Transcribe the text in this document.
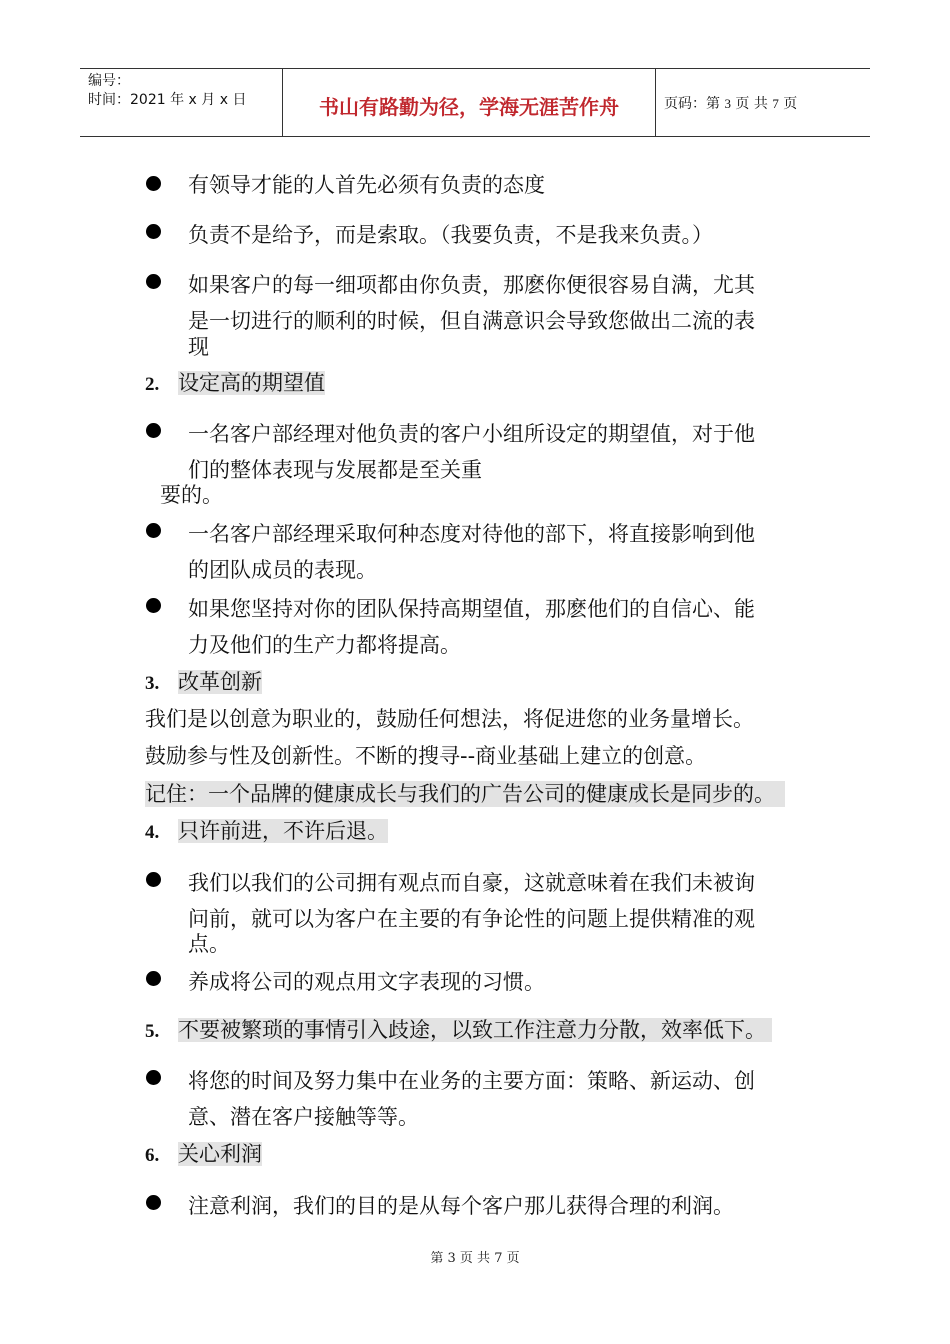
编号：
时间：2021 年 x 月 x 日	书山有路勤为径，学海无涯苦作舟	页码：第 3 页 共 7 页
有领导才能的人首先必须有负责的态度
负责不是给予，而是索取。（我要负责，不是我来负责。）
如果客户的每一细项都由你负责，那麽你便很容易自满，尤其
是一切进行的顺利的时候，但自满意识会导致您做出二流的表
现
2. 设定高的期望值
一名客户部经理对他负责的客户小组所设定的期望值，对于他
们的整体表现与发展都是至关重
要的。
一名客户部经理采取何种态度对待他的部下，将直接影响到他
的团队成员的表现。
如果您坚持对你的团队保持高期望值，那麽他们的自信心、能
力及他们的生产力都将提高。
3. 改革创新
我们是以创意为职业的，鼓励任何想法，将促进您的业务量增长。
鼓励参与性及创新性。不断的搜寻--商业基础上建立的创意。
记住：一个品牌的健康成长与我们的广告公司的健康成长是同步的。
4. 只许前进，不许后退。
我们以我们的公司拥有观点而自豪，这就意味着在我们未被询
问前，就可以为客户在主要的有争论性的问题上提供精准的观
点。
养成将公司的观点用文字表现的习惯。
5. 不要被繁琐的事情引入歧途，以致工作注意力分散，效率低下。
将您的时间及努力集中在业务的主要方面：策略、新运动、创
意、潜在客户接触等等。
6. 关心利润
注意利润，我们的目的是从每个客户那儿获得合理的利润。
第 3 页 共 7 页
